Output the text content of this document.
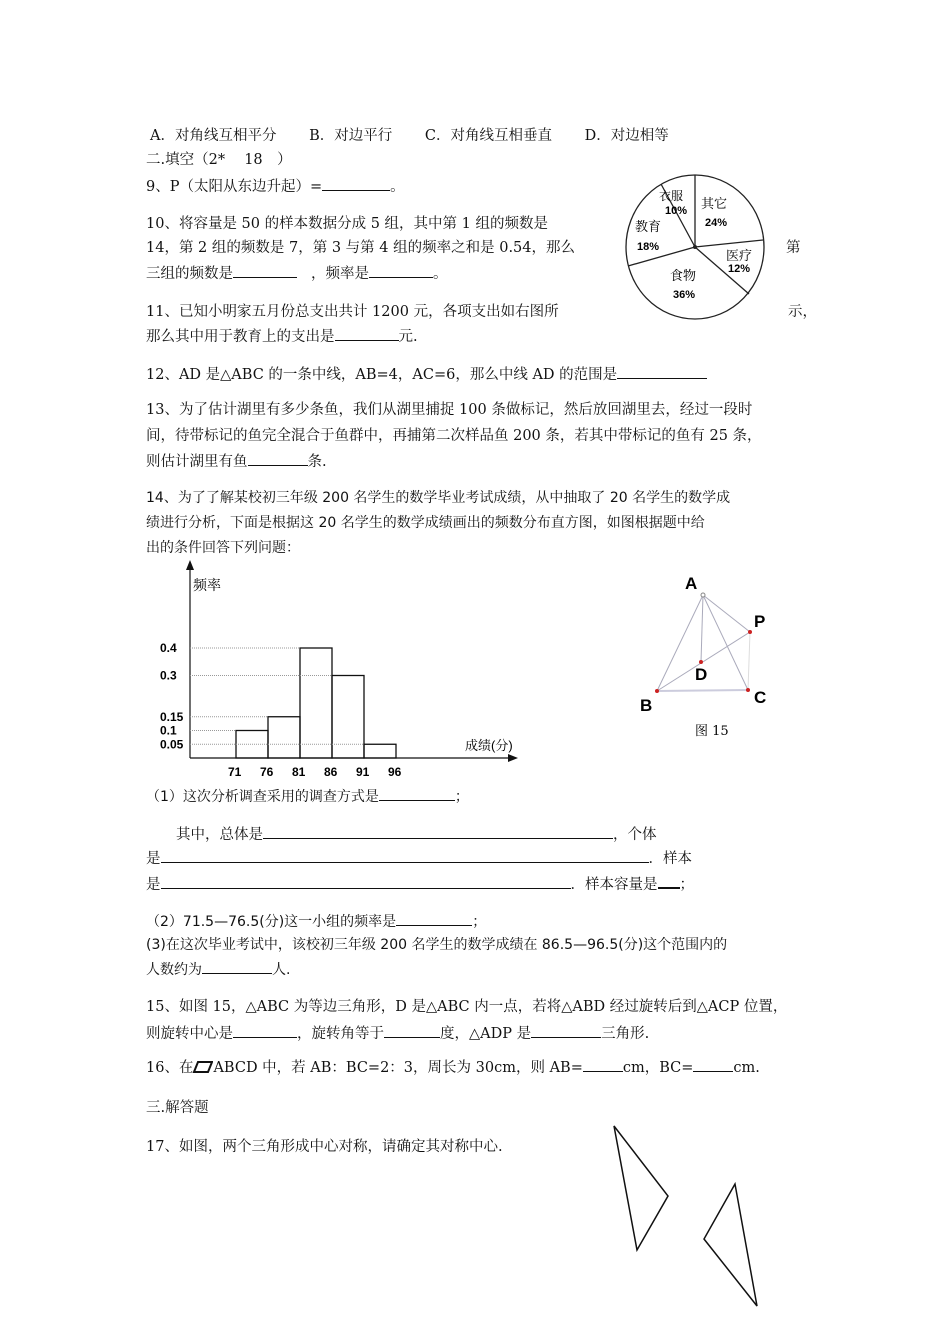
A．对角线互相平分 B．对边平行 C．对角线互相垂直 D．对边相等
二.填空（2*　 18　）
9、P（太阳从东边升起）=	。
10、将容量是 50 的样本数据分成 5 组，其中第 1 组的频数是
14，第 2 组的频数是 7，第 3 与第 4 组的频率之和是 0.54，那么	第
三组的频数是	，频率是	。
11、已知小明家五月份总支出共计 1200 元，各项支出如右图所	示，
那么其中用于教育上的支出是	元.
其它
24%
医疗
12%
食物
36%
教育
18%
衣服
10%
12、AD 是△ABC 的一条中线，AB=4，AC=6，那么中线 AD 的范围是
13、为了估计湖里有多少条鱼，我们从湖里捕捉 100 条做标记，然后放回湖里去，经过一段时
间，待带标记的鱼完全混合于鱼群中，再捕第二次样品鱼 200 条，若其中带标记的鱼有 25 条，
则估计湖里有鱼	条.
14、为了了解某校初三年级 200 名学生的数学毕业考试成绩，从中抽取了 20 名学生的数学成
绩进行分析，下面是根据这 20 名学生的数学成绩画出的频数分布直方图，如图根据题中给
出的条件回答下列问题：
频率
成绩(分)
0.05
0.1
0.15
0.3
0.4
71 76 81 86 91 96
A
P
D
B	C
图 15
（1）这次分析调查采用的调查方式是	；
其中，总体是	，个体
是	．样本
是	．样本容量是 ；
（2）71.5—76.5(分)这一小组的频率是	；
(3)在这次毕业考试中，该校初三年级 200 名学生的数学成绩在 86.5—96.5(分)这个范围内的
人数约为	人.
15、如图 15，△ABC 为等边三角形，D 是△ABC 内一点，若将△ABD 经过旋转后到△ACP 位置，
则旋转中心是	，旋转角等于	度，△ADP 是	三角形.
16、在 ABCD 中，若 AB：BC=2：3，周长为 30cm，则 AB=	cm，BC=	cm.
三.解答题
17、如图，两个三角形成中心对称，请确定其对称中心.
